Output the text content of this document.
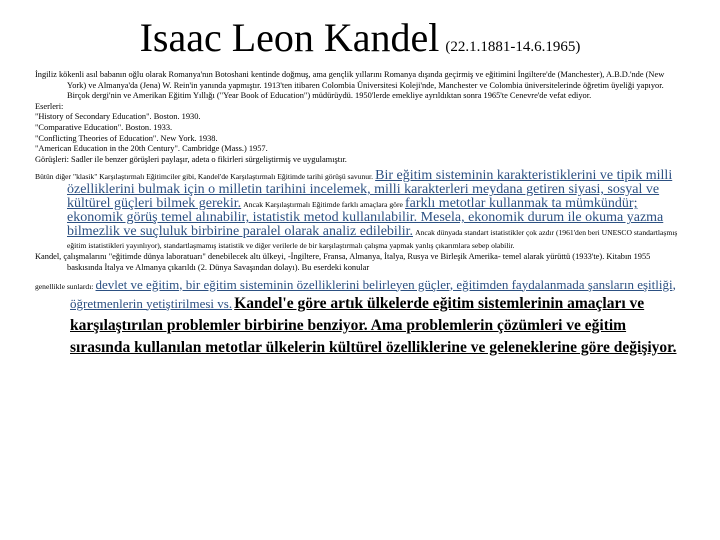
Isaac Leon Kandel (22.1.1881-14.6.1965)

İngiliz kökenli asıl babanın oğlu olarak Romanya'nın Botoshani kentinde doğmuş, ama gençlik yıllarını Romanya dışında geçirmiş ve eğitimini İngiltere'de (Manchester), A.B.D.'nde (New York) ve Almanya'da (Jena) W. Rein'in yanında yapmıştır. 1913'ten itibaren Colombia Üniversitesi Koleji'nde, Manchester ve Colombia üniversitelerinde öğretim üyeliği yapıyor. Birçok dergi'nin ve Amerikan Eğitim Yıllığı ("Year Book of Education") müdürüydü. 1950'lerde emekliye ayrıldıktan sonra 1965'te Cenevre'de vefat ediyor.

Eserleri:

"History of Secondary Education". Boston. 1930.

"Comparative Education". Boston. 1933.

"Conflicting Theories of Education". New York. 1938.

"American Education in the 20th Century". Cambridge (Mass.) 1957.

Görüşleri: Sadler ile benzer görüşleri paylaşır, adeta o fikirleri sürgeliştirmiş ve uygulamıştır.

Bütün diğer "klasik" Karşılaştırmalı Eğitimciler gibi, Kandel'de Karşılaştırmalı Eğitimde tarihi görüşü savunur. Bir eğitim sisteminin karakteristiklerini ve tipik milli özelliklerini bulmak için o milletin tarihini incelemek, milli karakterleri meydana getiren siyasi, sosyal ve kültürel güçleri bilmek gerekir. Ancak Karşılaştırmalı Eğitimde farklı amaçlara göre farklı metotlar kullanmak ta mümkündür; ekonomik görüş temel alınabilir, istatistik metod kullanılabilir. Mesela, ekonomik durum ile okuma yazma bilmezlik ve suçluluk birbirine paralel olarak analiz edilebilir. Ancak dünyada standart istatistikler çok azdır (1961'den beri UNESCO standartlaşmış eğitim istatistikleri yayınlıyor), standartlaşmamış istatistik ve diğer verilerle de bir karşılaştırmalı çalışma yapmak yanlış çıkarımlara sebep olabilir.

Kandel, çalışmalarını "eğitimde dünya laboratuarı" denebilecek altı ülkeyi, -İngiltere, Fransa, Almanya, İtalya, Rusya ve Birleşik Amerika- temel alarak yürüttü (1933'te). Kitabın 1955 baskısında İtalya ve Almanya çıkarıldı (2. Dünya Savaşından dolayı). Bu eserdeki konular

genellikle sunlardı: devlet ve eğitim, bir eğitim sisteminin özelliklerini belirleyen güçler, eğitimden faydalanmada şansların eşitliği, öğretmenlerin yetiştirilmesi vs. Kandel'e göre artık ülkelerde eğitim sistemlerinin amaçları ve karşılaştırılan problemler birbirine benziyor. Ama problemlerin çözümleri ve eğitim sırasında kullanılan metotlar ülkelerin kültürel özelliklerine ve geleneklerine göre değişiyor.
